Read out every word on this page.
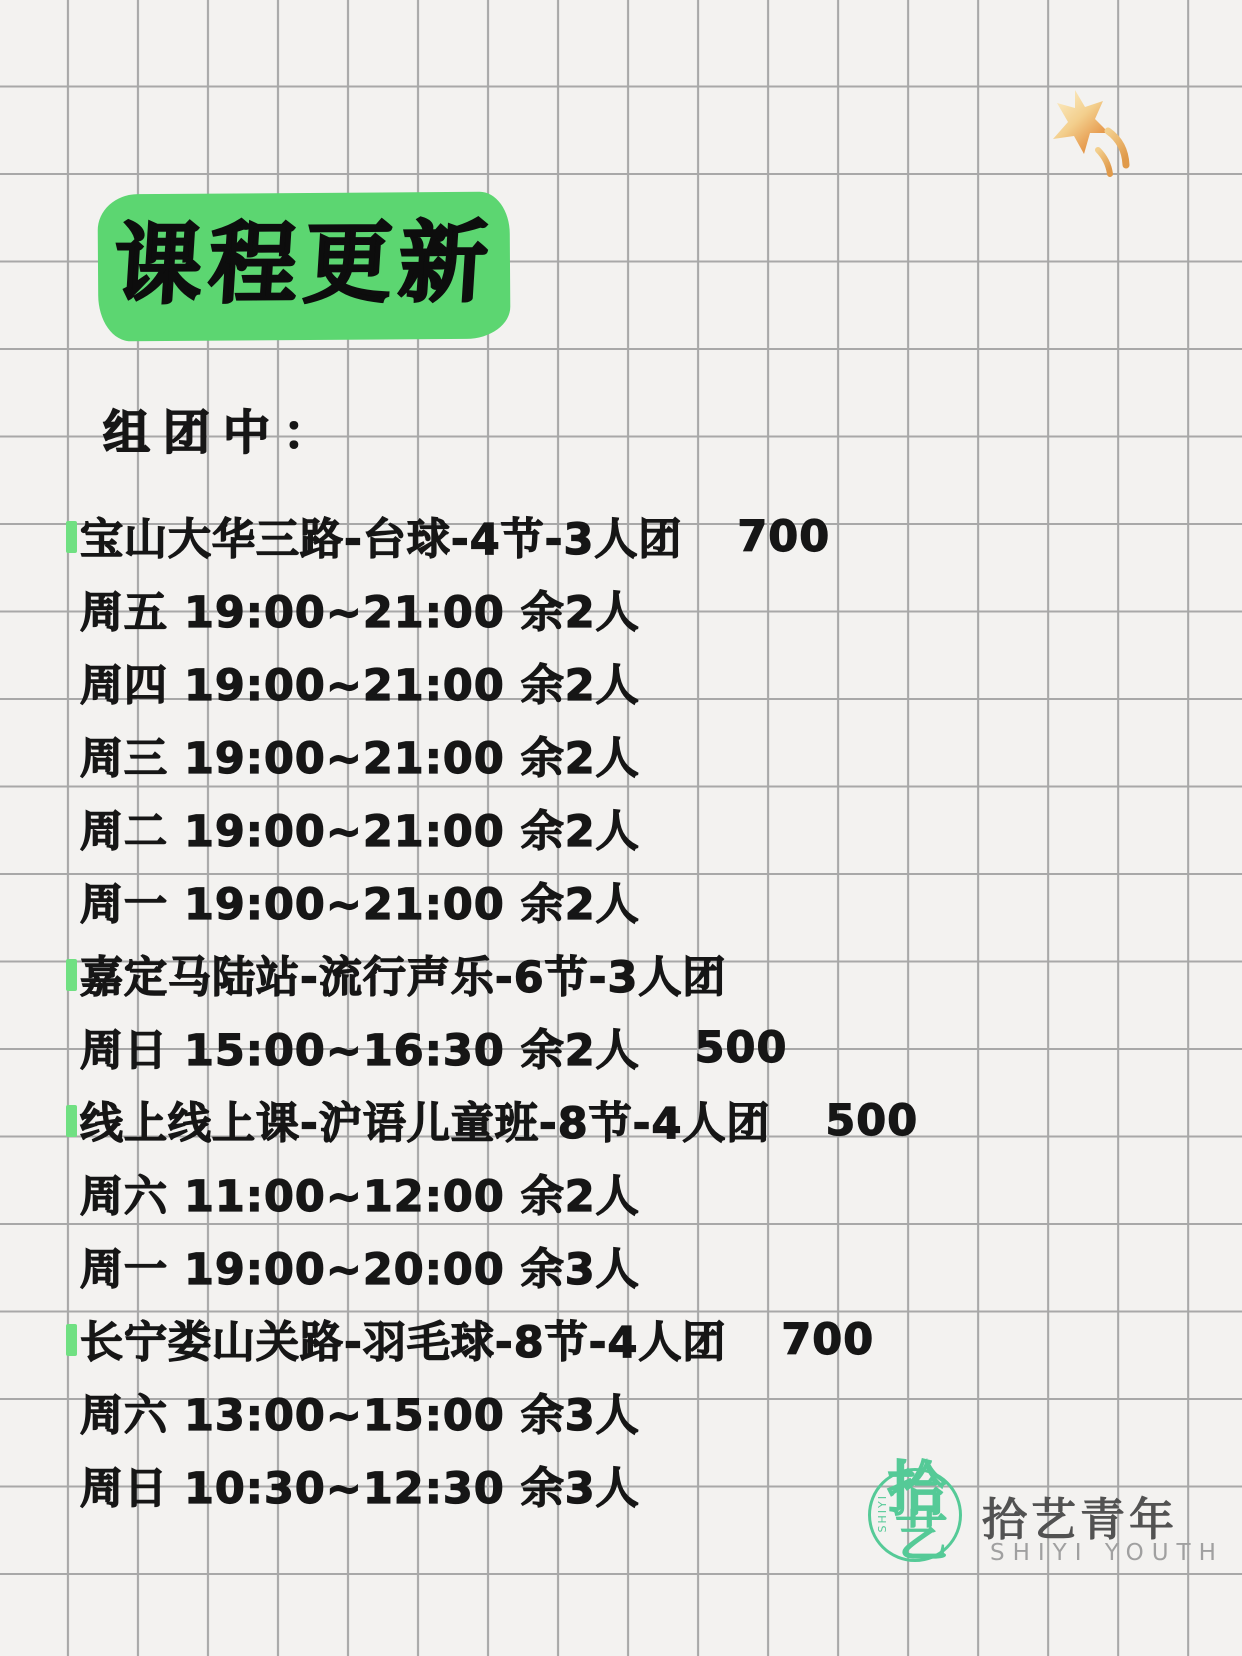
课程更新
组团中：
宝山大华三路-台球-4节-3人团 700
周五 19:00~21:00 余2人
周四 19:00~21:00 余2人
周三 19:00~21:00 余2人
周二 19:00~21:00 余2人
周一 19:00~21:00 余2人
嘉定马陆站-流行声乐-6节-3人团
周日 15:00~16:30 余2人 500
线上线上课-沪语儿童班-8节-4人团 500
周六 11:00~12:00 余2人
周一 19:00~20:00 余3人
长宁娄山关路-羽毛球-8节-4人团 700
周六 13:00~15:00 余3人
周日 10:30~12:30 余3人	SHIYI
拾
艺 拾艺青年
SHIYI YOUTH
